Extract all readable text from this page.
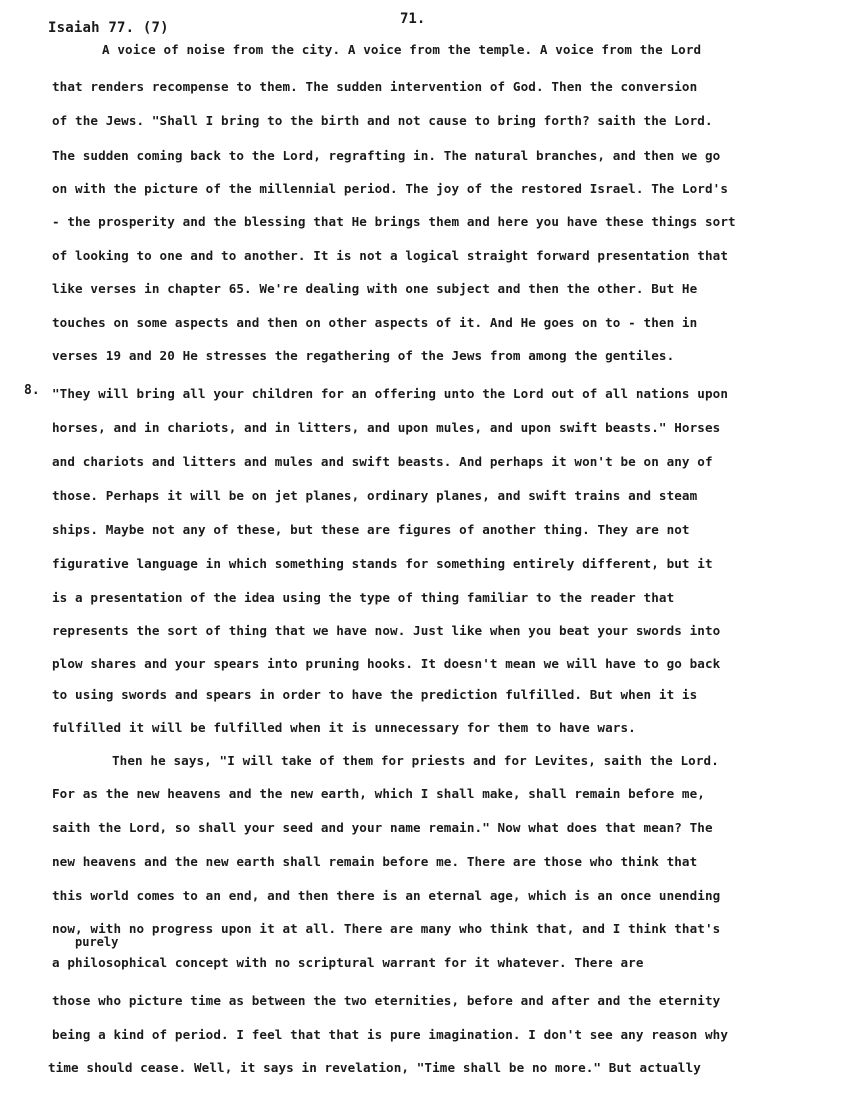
Isaiah 77. (7)
71.
8.
purely
A voice of noise from the city. A voice from the temple. A voice from the Lord
that renders recompense to them. The sudden intervention of God. Then the conversion
of the Jews. "Shall I bring to the birth and not cause to bring forth? saith the Lord.
The sudden coming back to the Lord, regrafting in. The natural branches, and then we go
on with the picture of the millennial period. The joy of the restored Israel. The Lord's
- the prosperity and the blessing that He brings them and here you have these things sort
of looking to one and to another. It is not a logical straight forward presentation that
like verses in chapter 65. We're dealing with one subject and then the other. But He
touches on some aspects and then on other aspects of it. And He goes on to - then in
verses 19 and 20 He stresses the regathering of the Jews from among the gentiles.
"They will bring all your children for an offering unto the Lord out of all nations upon
horses, and in chariots, and in litters, and upon mules, and upon swift beasts." Horses
and chariots and litters and mules and swift beasts. And perhaps it won't be on any of
those. Perhaps it will be on jet planes, ordinary planes, and swift trains and steam
ships. Maybe not any of these, but these are figures of another thing. They are not
figurative language in which something stands for something entirely different, but it
is a presentation of the idea using the type of thing familiar to the reader that
represents the sort of thing that we have now. Just like when you beat your swords into
plow shares and your spears into pruning hooks. It doesn't mean we will have to go back
to using swords and spears in order to have the prediction fulfilled. But when it is
fulfilled it will be fulfilled when it is unnecessary for them to have wars.
Then he says, "I will take of them for priests and for Levites, saith the Lord.
For as the new heavens and the new earth, which I shall make, shall remain before me,
saith the Lord, so shall your seed and your name remain." Now what does that mean? The
new heavens and the new earth shall remain before me. There are those who think that
this world comes to an end, and then there is an eternal age, which is an once unending
now, with no progress upon it at all. There are many who think that, and I think that's
a philosophical concept with no scriptural warrant for it whatever. There are
those who picture time as between the two eternities, before and after and the eternity
being a kind of period. I feel that that is pure imagination. I don't see any reason why
time should cease. Well, it says in revelation, "Time shall be no more." But actually
